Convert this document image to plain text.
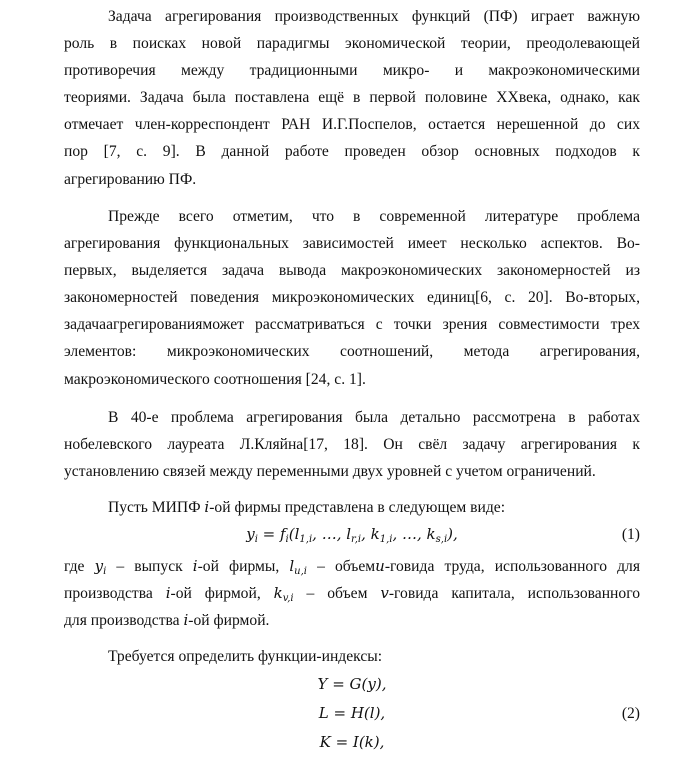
Задача агрегирования производственных функций (ПФ) играет важную
роль в поисках новой парадигмы экономической теории, преодолевающей
противоречия между традиционными микро- и макроэкономическими
теориями. Задача была поставлена ещё в первой половине XXвека, однако, как
отмечает член-корреспондент РАН И.Г.Поспелов, остается нерешенной до сих
пор [7, с. 9]. В данной работе проведен обзор основных подходов к
агрегированию ПФ.
Прежде всего отметим, что в современной литературе проблема
агрегирования функциональных зависимостей имеет несколько аспектов. Во-
первых, выделяется задача вывода макроэкономических закономерностей из
закономерностей поведения микроэкономических единиц[6, с. 20]. Во-вторых,
задачаагрегированияможет рассматриваться с точки зрения совместимости трех
элементов: микроэкономических соотношений, метода агрегирования,
макроэкономического соотношения [24, с. 1].
В 40-е проблема агрегирования была детально рассмотрена в работах
нобелевского лауреата Л.Кляйна[17, 18]. Он свёл задачу агрегирования к
установлению связей между переменными двух уровней с учетом ограничений.
Пусть МИПФ i-ой фирмы представлена в следующем виде:
$y_i = f_i(l_{1,i}$, …, $l_{r,i}$, $k_{1,i}$, …, $k_{s,i}$),	(1)
где $y_i$ – выпуск i-ой фирмы, $l_{u,i}$ – объемu-говида труда, использованного для
производства i-ой фирмой, $k_{v,i}$ – объем v-говида капитала, использованного
для производства i-ой фирмой.
Требуется определить функции-индексы:
Y = G(y),
L = H(l),	(2)
K = I(k),
